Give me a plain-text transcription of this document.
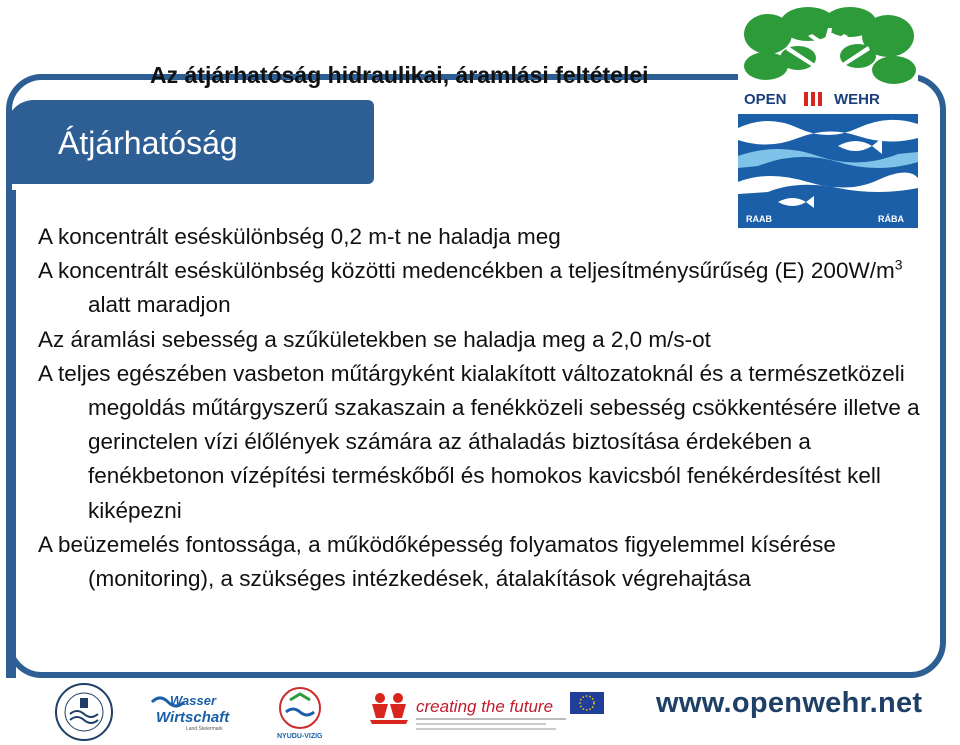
Az átjárhatóság hidraulikai, áramlási feltételei
Átjárhatóság
OPEN	WEHR
RAAB	RÁBA

A koncentrált eséskülönbség 0,2 m-t ne haladja meg

A koncentrált eséskülönbség közötti medencékben a teljesítménysűrűség (E) $200W/m^3$ alatt maradjon

Az áramlási sebesség a szűkületekben se haladja meg a 2,0 m/s-ot

A teljes egészében vasbeton műtárgyként kialakított változatoknál és a természetközeli megoldás műtárgyszerű szakaszain a fenékközeli sebesség csökkentésére illetve a gerinctelen vízi élőlények számára az áthaladás biztosítása érdekében a fenékbetonon vízépítési terméskőből és homokos kavicsból fenékérdesítést kell kiképezni

A beüzemelés fontossága, a működőképesség folyamatos figyelemmel kísérése (monitoring), a szükséges intézkedések, átalakítások végrehajtása

Wasser
Wirtschaft
Land Steiermark
NYUDU-VIZIG
creating the future	www.openwehr.net
